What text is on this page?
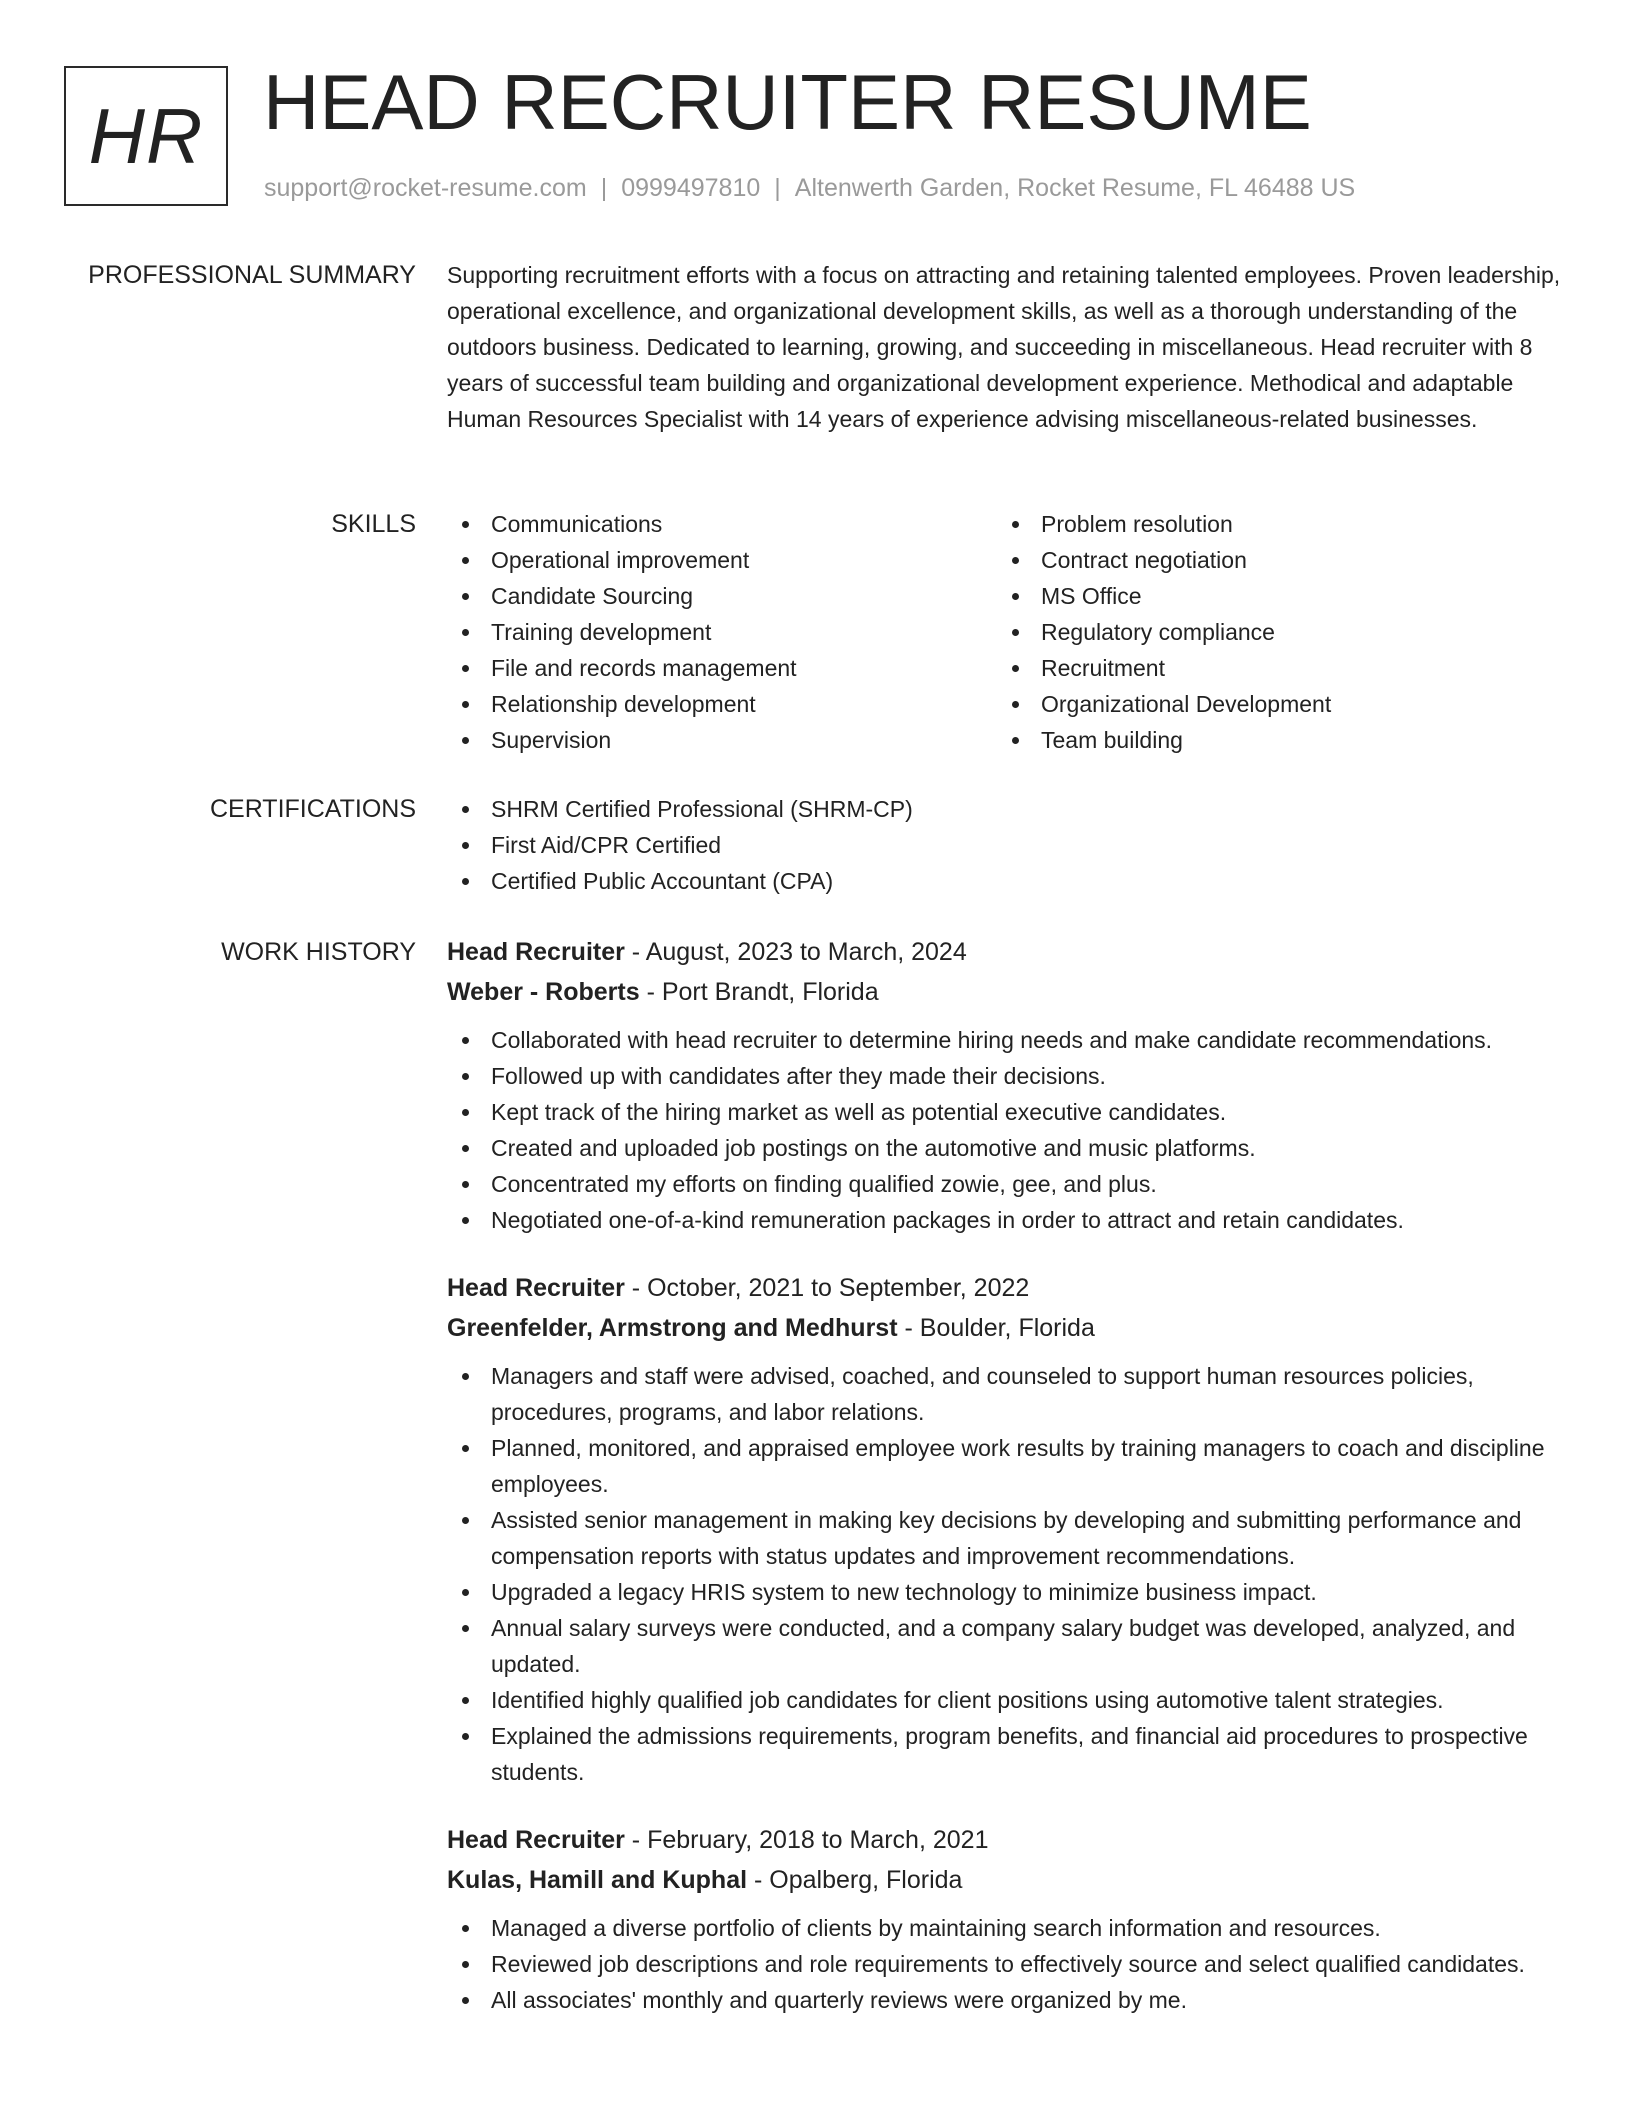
HR HEAD RECRUITER RESUME
support@rocket-resume.com | 0999497810 | Altenwerth Garden, Rocket Resume, FL 46488 US
PROFESSIONAL SUMMARY Supporting recruitment efforts with a focus on attracting and retaining talented employees. Proven leadership, operational excellence, and organizational development skills, as well as a thorough understanding of the outdoors business. Dedicated to learning, growing, and succeeding in miscellaneous. Head recruiter with 8 years of successful team building and organizational development experience. Methodical and adaptable Human Resources Specialist with 14 years of experience advising miscellaneous-related businesses.

SKILLS	Communications
Operational improvement
Candidate Sourcing
Training development
File and records management
Relationship development
Supervision
Problem resolution
Contract negotiation
MS Office
Regulatory compliance
Recruitment
Organizational Development
Team building
CERTIFICATIONS	SHRM Certified Professional (SHRM-CP)
First Aid/CPR Certified
Certified Public Accountant (CPA)
WORK HISTORY Head Recruiter - August, 2023 to March, 2024
Weber - Roberts - Port Brandt, Florida
Collaborated with head recruiter to determine hiring needs and make candidate recommendations.
Followed up with candidates after they made their decisions.
Kept track of the hiring market as well as potential executive candidates.
Created and uploaded job postings on the automotive and music platforms.
Concentrated my efforts on finding qualified zowie, gee, and plus.
Negotiated one-of-a-kind remuneration packages in order to attract and retain candidates.
Head Recruiter - October, 2021 to September, 2022
Greenfelder, Armstrong and Medhurst - Boulder, Florida
Managers and staff were advised, coached, and counseled to support human resources policies, procedures, programs, and labor relations.
Planned, monitored, and appraised employee work results by training managers to coach and discipline employees.
Assisted senior management in making key decisions by developing and submitting performance and compensation reports with status updates and improvement recommendations.
Upgraded a legacy HRIS system to new technology to minimize business impact.
Annual salary surveys were conducted, and a company salary budget was developed, analyzed, and updated.
Identified highly qualified job candidates for client positions using automotive talent strategies.
Explained the admissions requirements, program benefits, and financial aid procedures to prospective students.
Head Recruiter - February, 2018 to March, 2021
Kulas, Hamill and Kuphal - Opalberg, Florida
Managed a diverse portfolio of clients by maintaining search information and resources.
Reviewed job descriptions and role requirements to effectively source and select qualified candidates.
All associates' monthly and quarterly reviews were organized by me.
